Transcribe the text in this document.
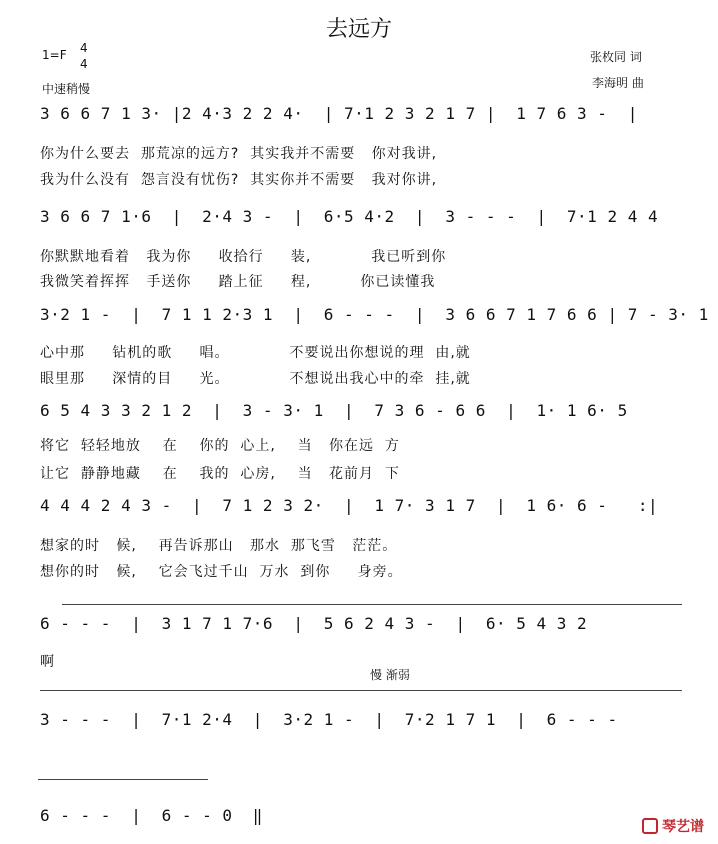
去远方
1=F 4
4
中速稍慢
张枚同 词
李海明 曲
3 6 6 7 1 3· |2 4·3 2 2 4·  | 7·1 2 3 2 1 7 |  1 7 6 3 -  |
你为什么要去  那荒凉的远方?  其实我并不需要   你对我讲,
我为什么没有  怨言没有忧伤?  其实你并不需要   我对你讲,
3 6 6 7 1·6  |  2·4 3 -  |  6·5 4·2  |  3 - - -  |  7·1 2 4 4
你默默地看着   我为你     收拾行     装,           我已听到你
我微笑着挥挥   手送你     踏上征     程,         你已读懂我
3·2 1 -  |  7 1 1 2·3 1  |  6 - - -  |  3 6 6 7 1 7 6 6 | 7 - 3· 1
心中那     钻机的歌     唱。           不要说出你想说的理  由,就
眼里那     深情的目     光。           不想说出我心中的牵  挂,就
6 5 4 3 3 2 1 2  |  3 - 3· 1  |  7 3 6 - 6 6  |  1· 1 6· 5
将它  轻轻地放    在    你的  心上,    当   你在远  方
让它  静静地藏    在    我的  心房,    当   花前月  下
4 4 4 2 4 3 -  |  7 1 2 3 2·  |  1 7· 3 1 7  |  1 6· 6 -   :|
想家的时   候,    再告诉那山   那水  那飞雪   茫茫。
想你的时   候,    它会飞过千山  万水  到你     身旁。
6 - - -  |  3 1 7 1 7·6  |  5 6 2 4 3 -  |  6· 5 4 3 2
啊
慢 渐弱
3 - - -  |  7·1 2·4  |  3·2 1 -  |  7·2 1 7 1  |  6 - - -
6 - - -  |  6 - - 0  ‖
琴艺谱
